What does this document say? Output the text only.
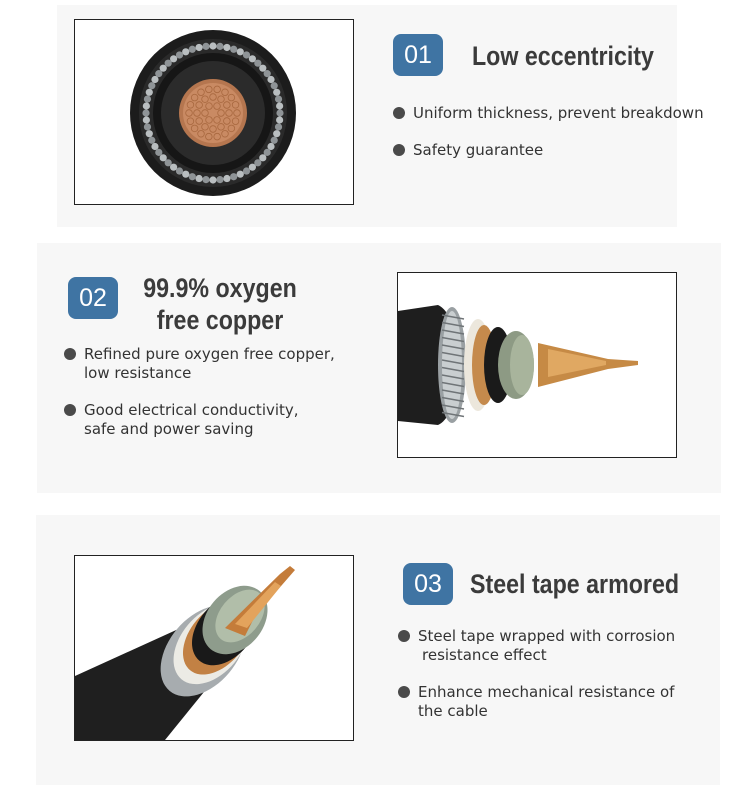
01	Low eccentricity
Uniform thickness, prevent breakdown
Safety guarantee
02	99.9% oxygen
free copper
Refined pure oxygen free copper,
low resistance
Good electrical conductivity,
safe and power saving
03	Steel tape armored
Steel tape wrapped with corrosion
resistance effect
Enhance mechanical resistance of
the cable
